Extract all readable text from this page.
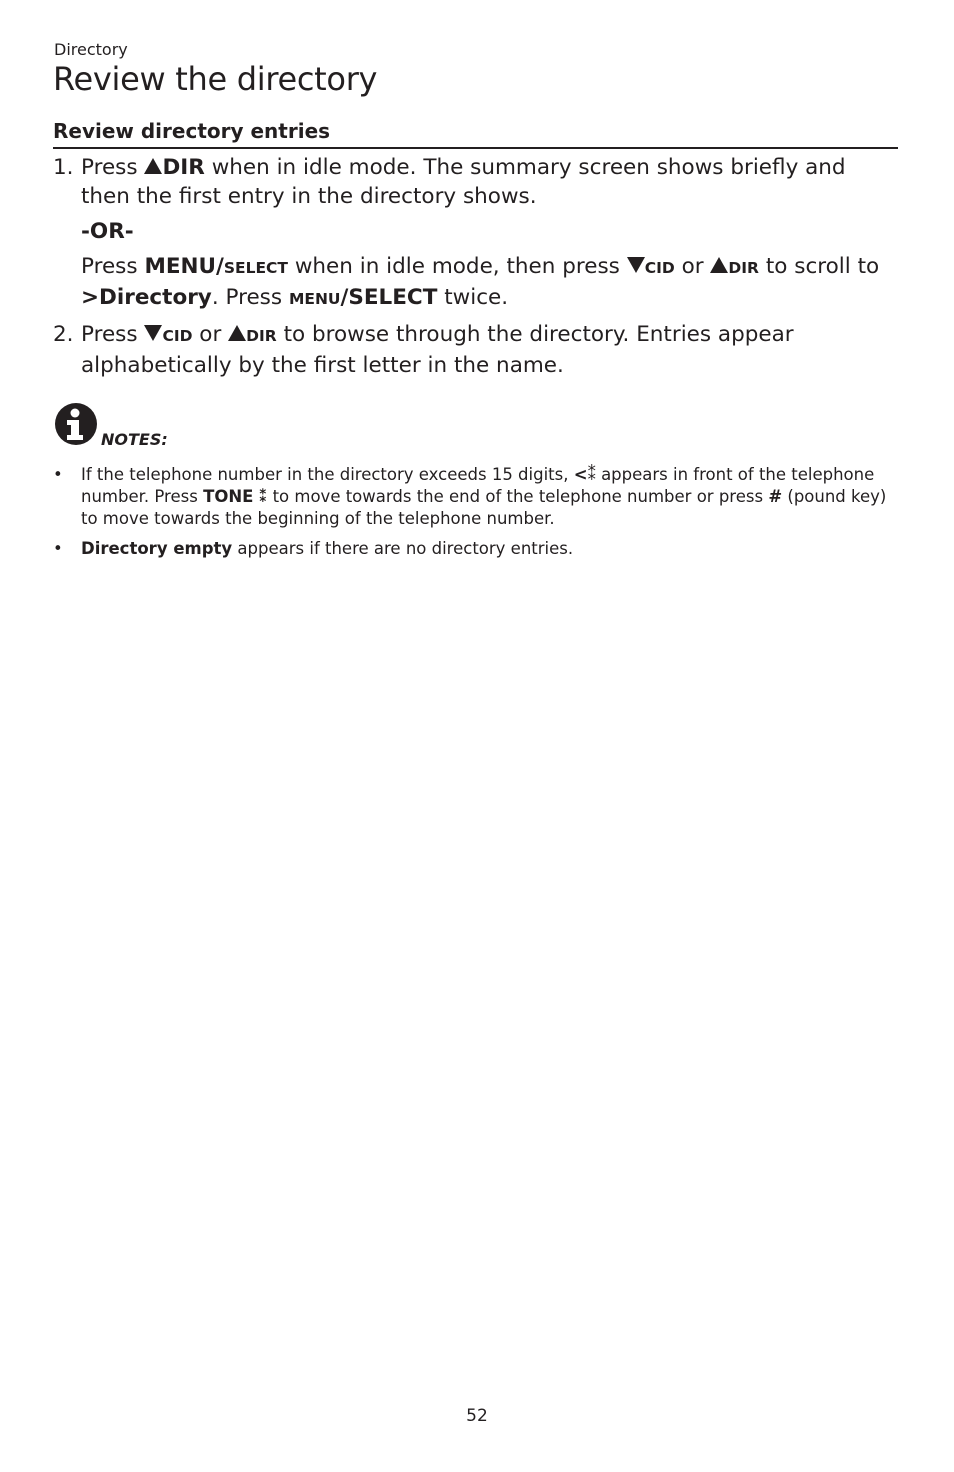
Directory
Review the directory
Review directory entries
1. Press DIR when in idle mode. The summary screen shows briefly and then the first entry in the directory shows.
-OR-
Press MENU/SELECT when in idle mode, then press CID or DIR to scroll to >Directory. Press MENU/SELECT twice.
2. Press CID or DIR to browse through the directory. Entries appear alphabetically by the first letter in the name.
NOTES:
• If the telephone number in the directory exceeds 15 digits, <⁑ appears in front of the telephone number. Press TONE ⁑ to move towards the end of the telephone number or press # (pound key) to move towards the beginning of the telephone number.
• Directory empty appears if there are no directory entries.
52
